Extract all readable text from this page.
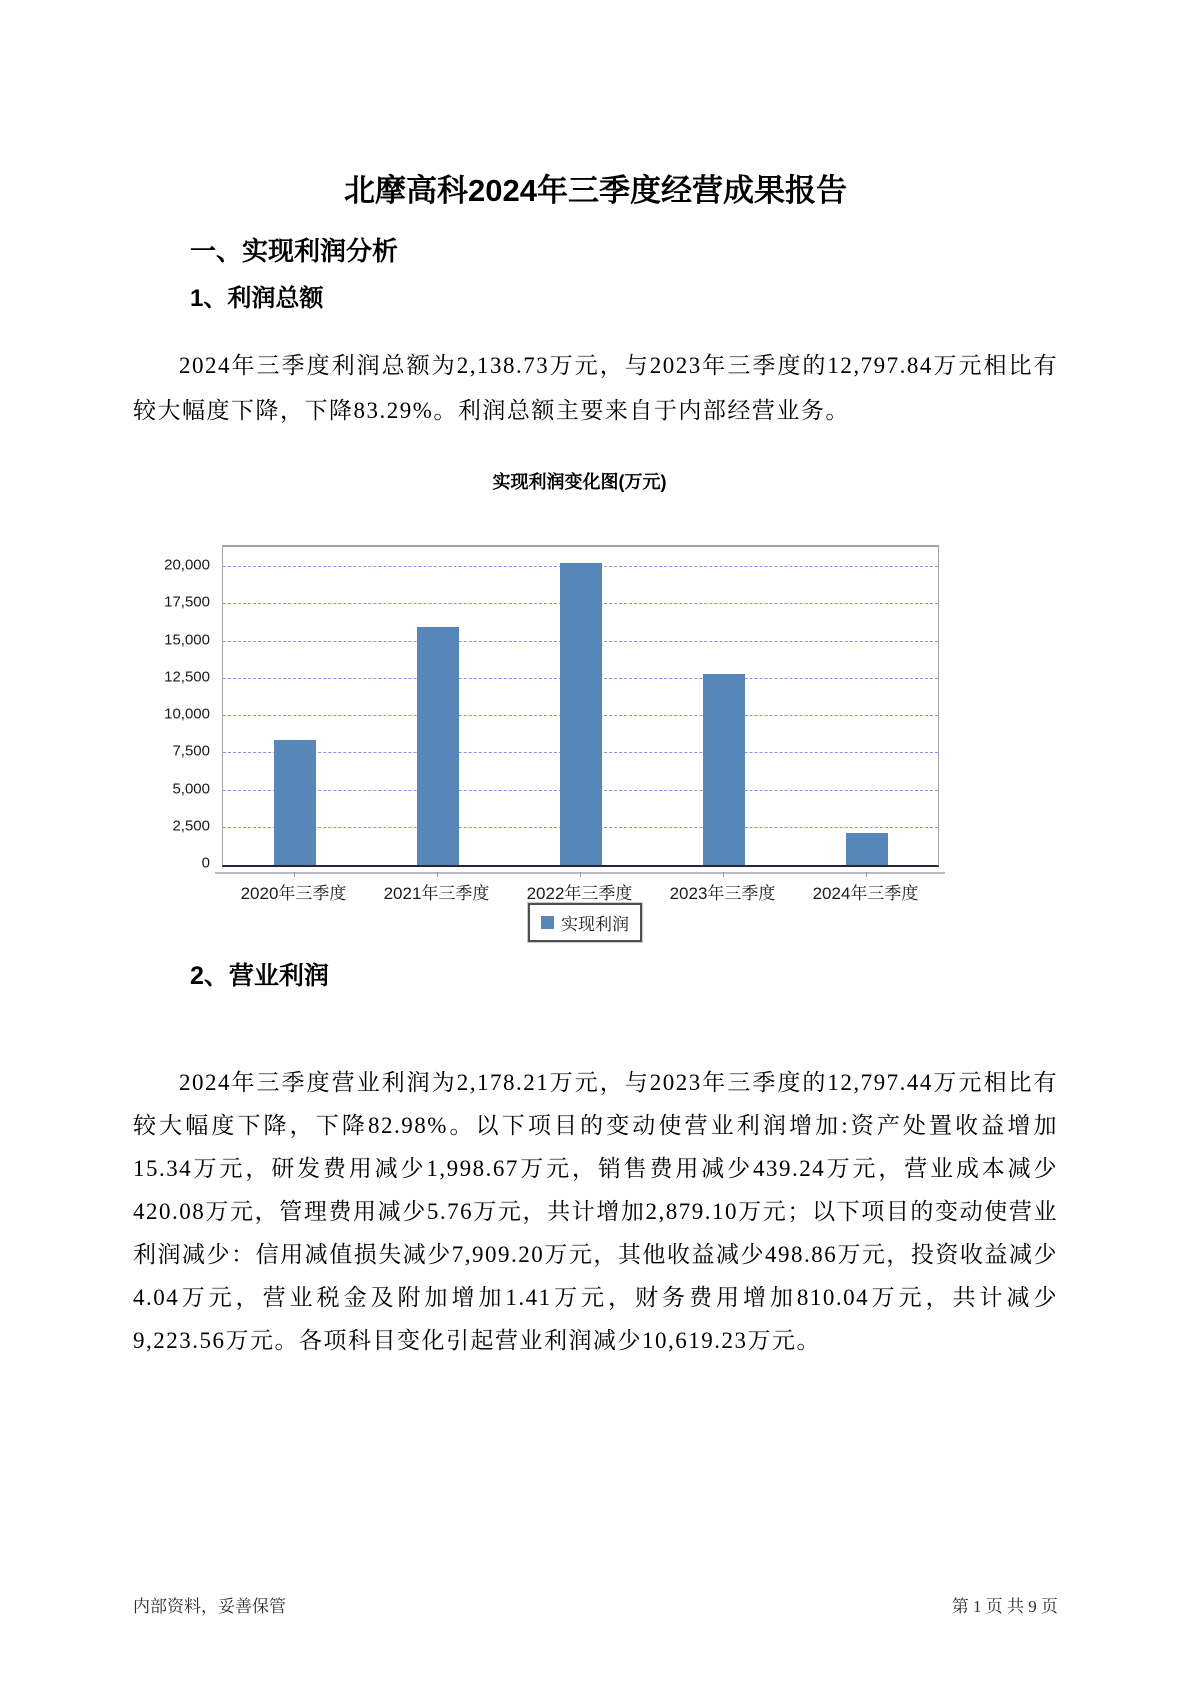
北摩高科2024年三季度经营成果报告
一、实现利润分析
1、利润总额

2024年三季度利润总额为2,138.73万元，与2023年三季度的12,797.84万元相比有较大幅度下降，下降83.29%。利润总额主要来自于内部经营业务。

实现利润变化图(万元)
0
2,500
5,000
7,500
10,000
12,500
15,000
17,500
20,000
2020年三季度	2021年三季度	2022年三季度	2023年三季度	2024年三季度
实现利润
2、营业利润

2024年三季度营业利润为2,178.21万元，与2023年三季度的12,797.44万元相比有较大幅度下降，下降82.98%。以下项目的变动使营业利润增加:资产处置收益增加15.34万元，研发费用减少1,998.67万元，销售费用减少439.24万元，营业成本减少420.08万元，管理费用减少5.76万元，共计增加2,879.10万元；以下项目的变动使营业利润减少：信用减值损失减少7,909.20万元，其他收益减少498.86万元，投资收益减少4.04万元，营业税金及附加增加1.41万元，财务费用增加810.04万元，共计减少9,223.56万元。各项科目变化引起营业利润减少10,619.23万元。

内部资料，妥善保管	第 1 页 共 9 页
